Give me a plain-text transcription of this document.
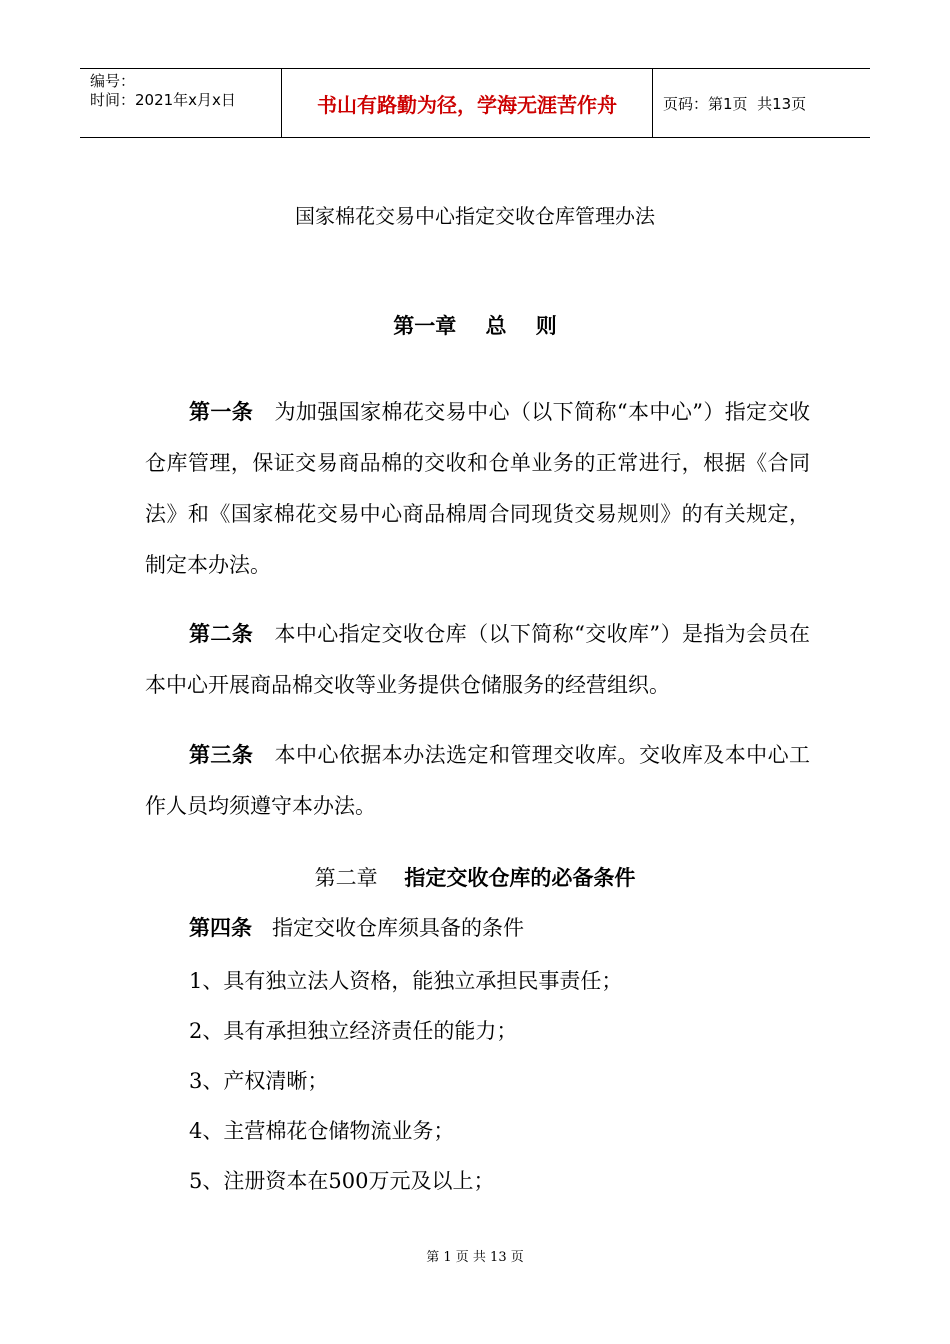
编号：
时间：2021年x月x日	书山有路勤为径，学海无涯苦作舟	页码：第1页  共13页
国家棉花交易中心指定交收仓库管理办法
第一章    总    则
第一条 为加强国家棉花交易中心（以下简称“本中心”）指定交收仓库管理，保证交易商品棉的交收和仓单业务的正常进行，根据《合同法》和《国家棉花交易中心商品棉周合同现货交易规则》的有关规定，制定本办法。
第二条 本中心指定交收仓库（以下简称“交收库”）是指为会员在本中心开展商品棉交收等业务提供仓储服务的经营组织。
第三条 本中心依据本办法选定和管理交收库。交收库及本中心工作人员均须遵守本办法。
第二章 指定交收仓库的必备条件
第四条 指定交收仓库须具备的条件
1、具有独立法人资格，能独立承担民事责任；
2、具有承担独立经济责任的能力；
3、产权清晰；
4、主营棉花仓储物流业务；
5、注册资本在500万元及以上；
第 1 页 共 13 页
